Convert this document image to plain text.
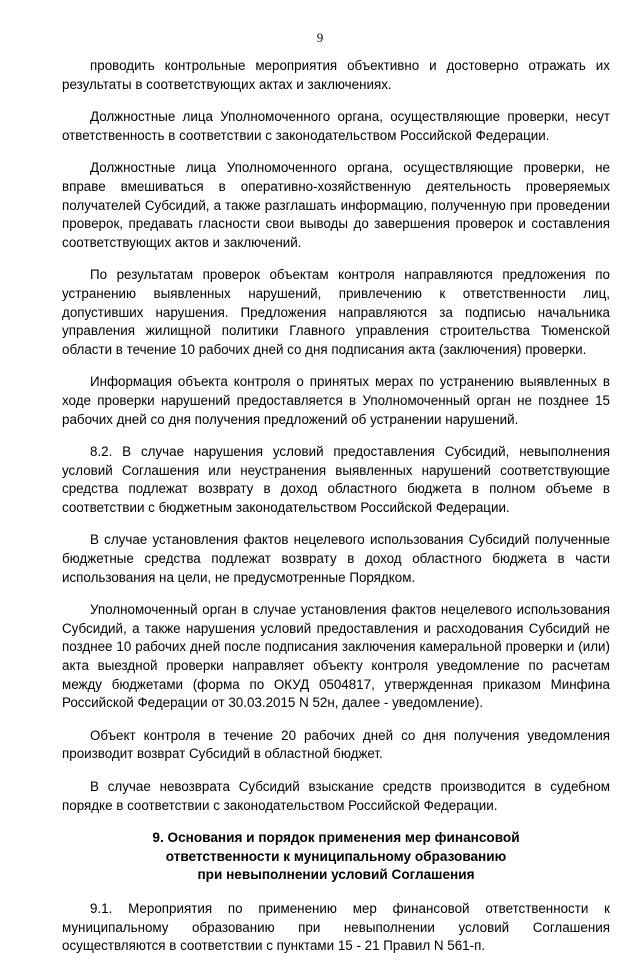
9

проводить контрольные мероприятия объективно и достоверно отражать их результаты в соответствующих актах и заключениях.

Должностные лица Уполномоченного органа, осуществляющие проверки, несут ответственность в соответствии с законодательством Российской Федерации.

Должностные лица Уполномоченного органа, осуществляющие проверки, не вправе вмешиваться в оперативно-хозяйственную деятельность проверяемых получателей Субсидий, а также разглашать информацию, полученную при проведении проверок, предавать гласности свои выводы до завершения проверок и составления соответствующих актов и заключений.

По результатам проверок объектам контроля направляются предложения по устранению выявленных нарушений, привлечению к ответственности лиц, допустивших нарушения. Предложения направляются за подписью начальника управления жилищной политики Главного управления строительства Тюменской области в течение 10 рабочих дней со дня подписания акта (заключения) проверки.

Информация объекта контроля о принятых мерах по устранению выявленных в ходе проверки нарушений предоставляется в Уполномоченный орган не позднее 15 рабочих дней со дня получения предложений об устранении нарушений.

8.2. В случае нарушения условий предоставления Субсидий, невыполнения условий Соглашения или неустранения выявленных нарушений соответствующие средства подлежат возврату в доход областного бюджета в полном объеме в соответствии с бюджетным законодательством Российской Федерации.

В случае установления фактов нецелевого использования Субсидий полученные бюджетные средства подлежат возврату в доход областного бюджета в части использования на цели, не предусмотренные Порядком.

Уполномоченный орган в случае установления фактов нецелевого использования Субсидий, а также нарушения условий предоставления и расходования Субсидий не позднее 10 рабочих дней после подписания заключения камеральной проверки и (или) акта выездной проверки направляет объекту контроля уведомление по расчетам между бюджетами (форма по ОКУД 0504817, утвержденная приказом Минфина Российской Федерации от 30.03.2015 N 52н, далее - уведомление).

Объект контроля в течение 20 рабочих дней со дня получения уведомления производит возврат Субсидий в областной бюджет.

В случае невозврата Субсидий взыскание средств производится в судебном порядке в соответствии с законодательством Российской Федерации.

9. Основания и порядок применения мер финансовой
ответственности к муниципальному образованию
при невыполнении условий Соглашения

9.1. Мероприятия по применению мер финансовой ответственности к муниципальному образованию при невыполнении условий Соглашения осуществляются в соответствии с пунктами 15 - 21 Правил N 561-п.
